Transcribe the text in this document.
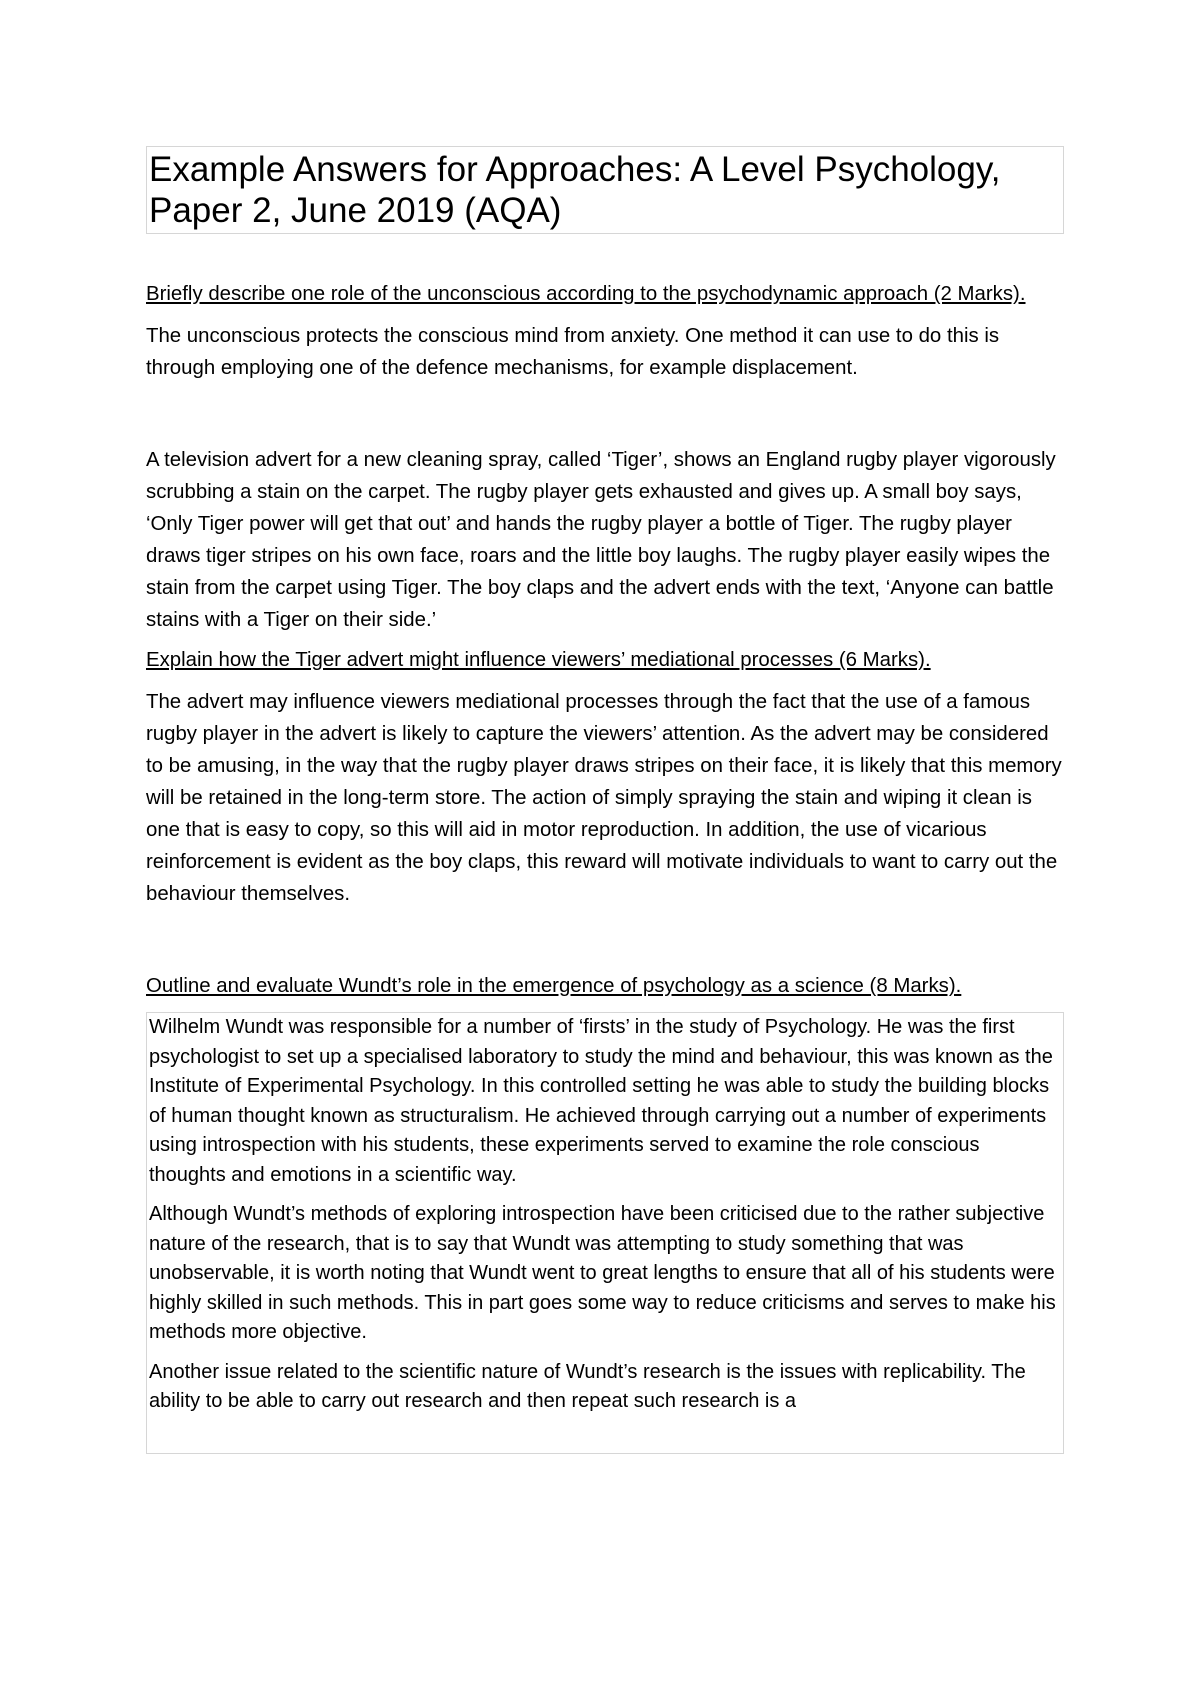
Example Answers for Approaches: A Level Psychology, Paper 2, June 2019 (AQA)

Briefly describe one role of the unconscious according to the psychodynamic approach (2 Marks).

The unconscious protects the conscious mind from anxiety. One method it can use to do this is through employing one of the defence mechanisms, for example displacement.

A television advert for a new cleaning spray, called ‘Tiger’, shows an England rugby player vigorously scrubbing a stain on the carpet. The rugby player gets exhausted and gives up. A small boy says, ‘Only Tiger power will get that out’ and hands the rugby player a bottle of Tiger. The rugby player draws tiger stripes on his own face, roars and the little boy laughs. The rugby player easily wipes the stain from the carpet using Tiger. The boy claps and the advert ends with the text, ‘Anyone can battle stains with a Tiger on their side.’

Explain how the Tiger advert might influence viewers’ mediational processes (6 Marks).

The advert may influence viewers mediational processes through the fact that the use of a famous rugby player in the advert is likely to capture the viewers’ attention. As the advert may be considered to be amusing, in the way that the rugby player draws stripes on their face, it is likely that this memory will be retained in the long-term store. The action of simply spraying the stain and wiping it clean is one that is easy to copy, so this will aid in motor reproduction. In addition, the use of vicarious reinforcement is evident as the boy claps, this reward will motivate individuals to want to carry out the behaviour themselves.

Outline and evaluate Wundt’s role in the emergence of psychology as a science (8 Marks).

Wilhelm Wundt was responsible for a number of ‘firsts’ in the study of Psychology. He was the first psychologist to set up a specialised laboratory to study the mind and behaviour, this was known as the Institute of Experimental Psychology. In this controlled setting he was able to study the building blocks of human thought known as structuralism. He achieved through carrying out a number of experiments using introspection with his students, these experiments served to examine the role conscious thoughts and emotions in a scientific way.

Although Wundt’s methods of exploring introspection have been criticised due to the rather subjective nature of the research, that is to say that Wundt was attempting to study something that was unobservable, it is worth noting that Wundt went to great lengths to ensure that all of his students were highly skilled in such methods. This in part goes some way to reduce criticisms and serves to make his methods more objective.

Another issue related to the scientific nature of Wundt’s research is the issues with replicability. The ability to be able to carry out research and then repeat such research is a
